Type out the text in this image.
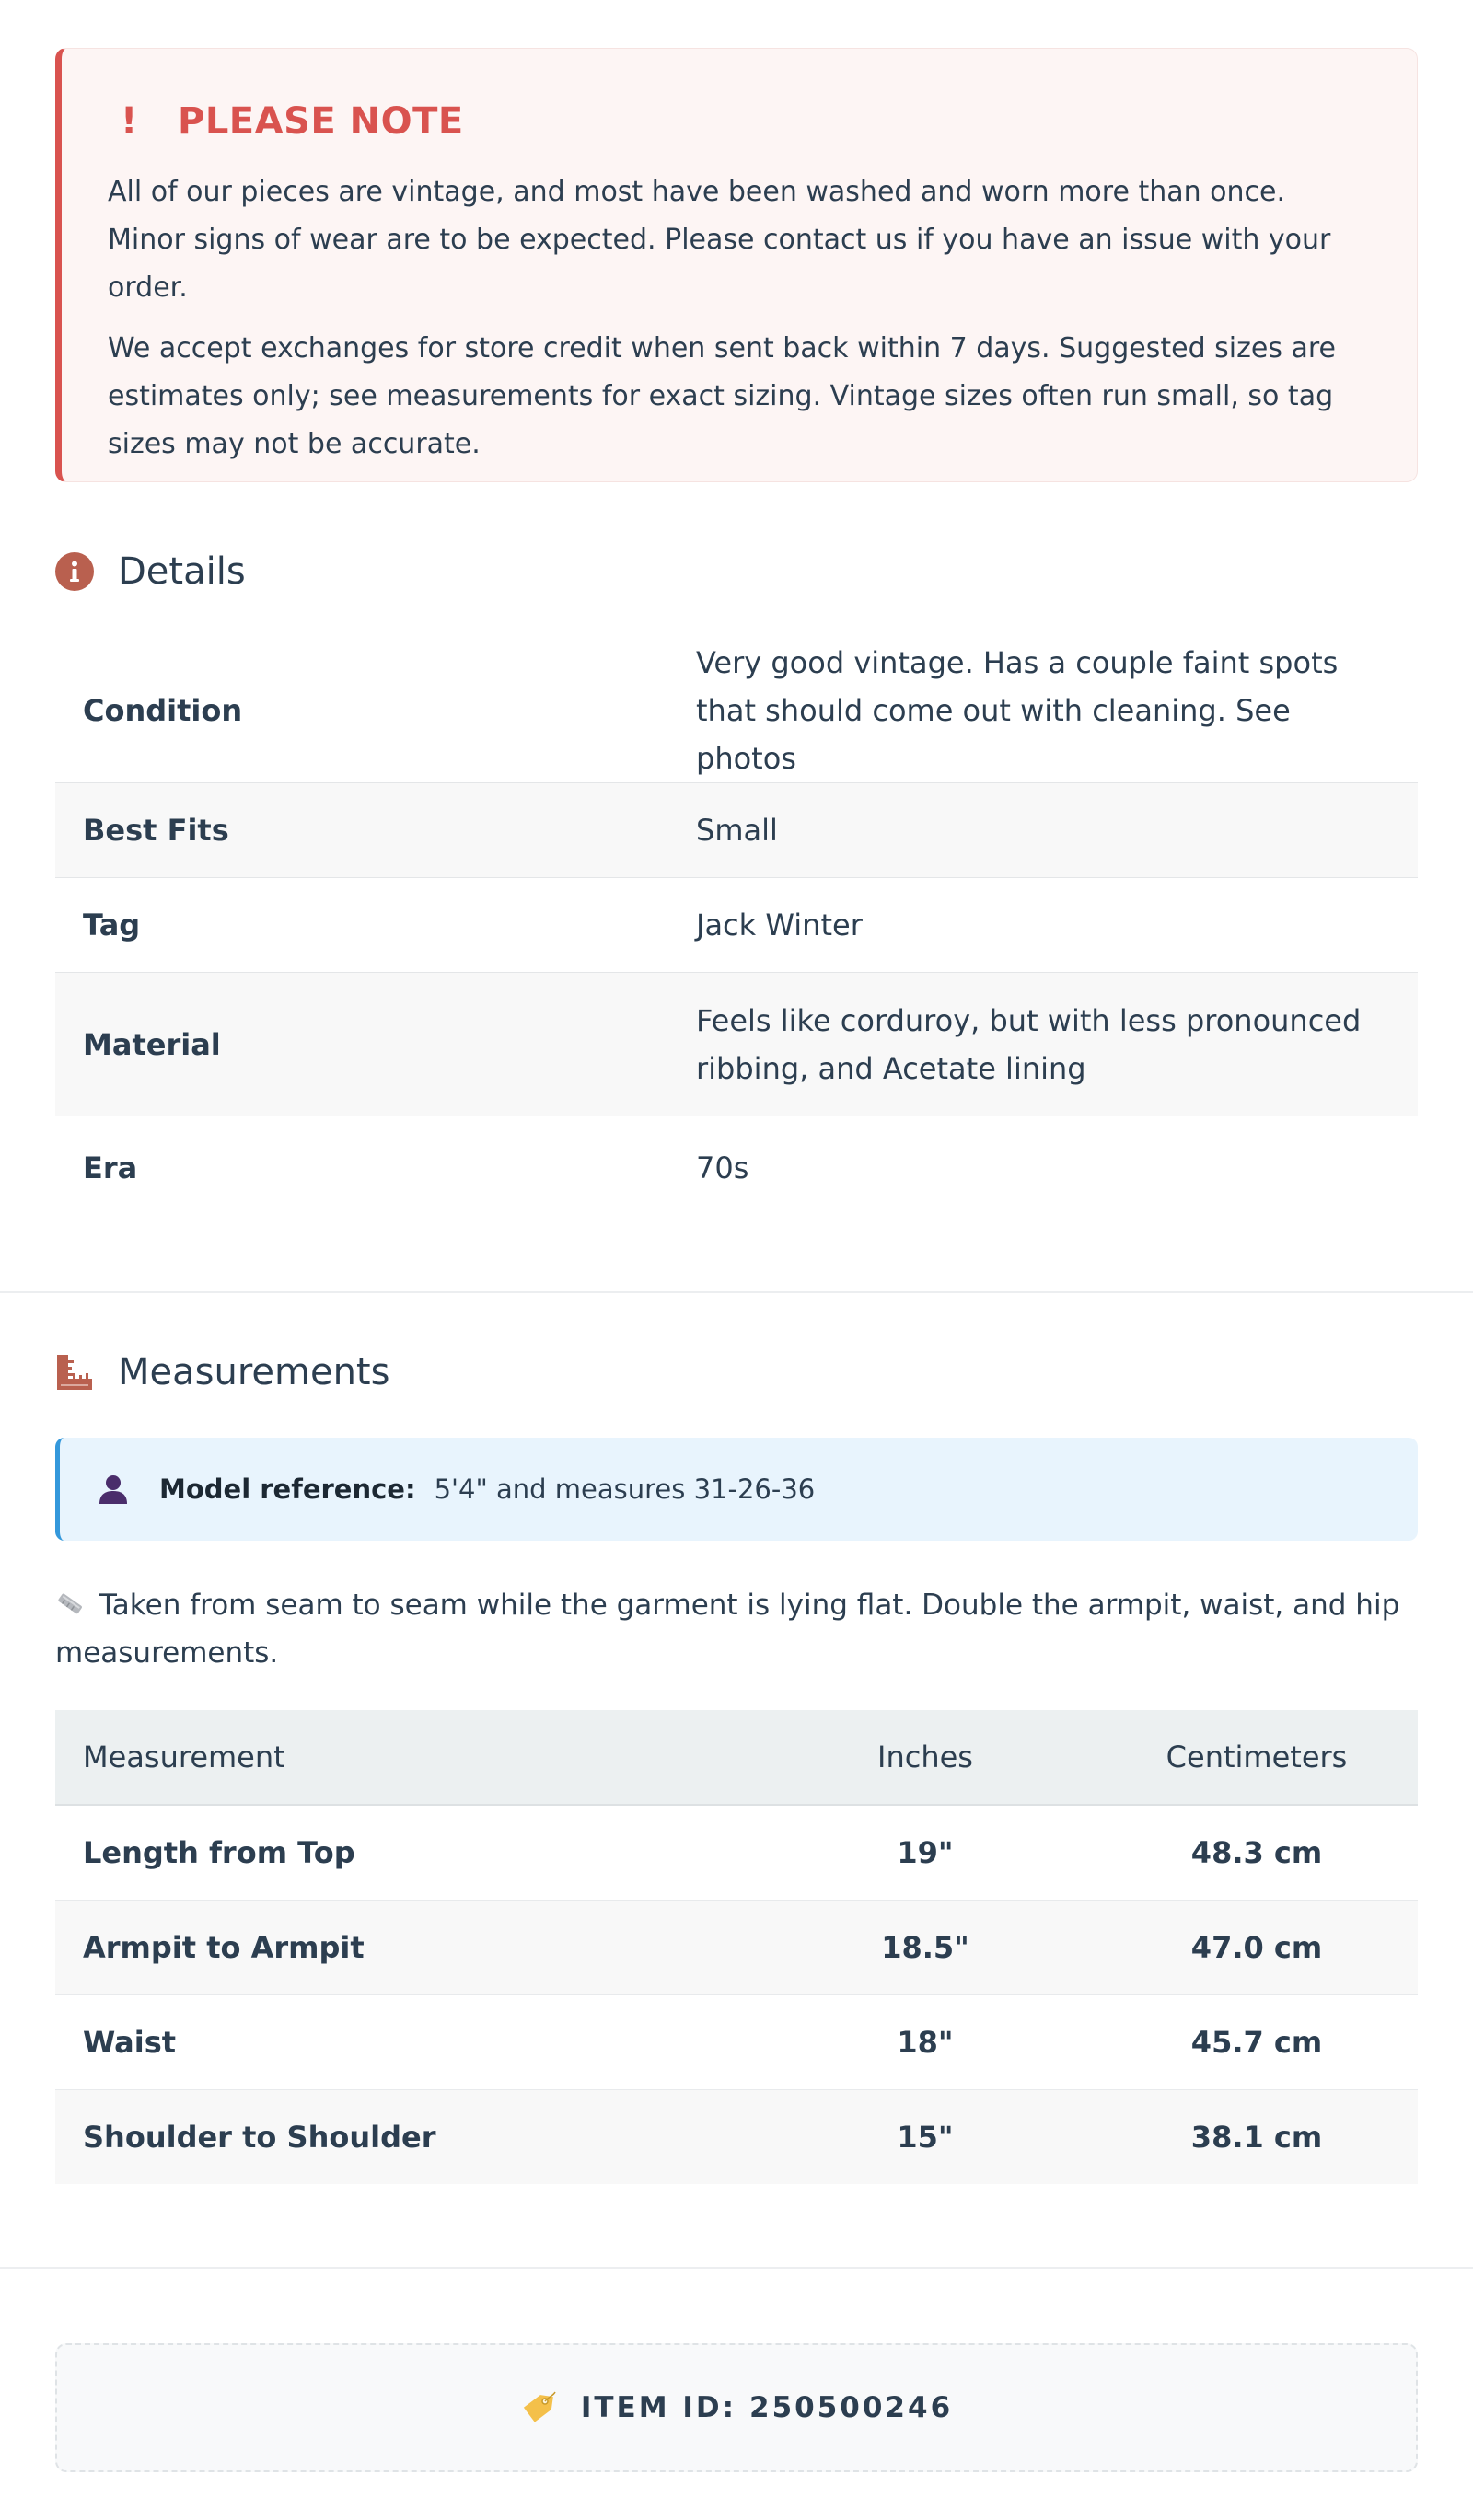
!	PLEASE NOTE

All of our pieces are vintage, and most have been washed and worn more than once. Minor signs of wear are to be expected. Please contact us if you have an issue with your order.

We accept exchanges for store credit when sent back within 7 days. Suggested sizes are estimates only; see measurements for exact sizing. Vintage sizes often run small, so tag sizes may not be accurate.

Details
Condition	Very good vintage. Has a couple faint spots that should come out with cleaning. See photos
Best Fits	Small
Tag	Jack Winter
Material	Feels like corduroy, but with less pronounced ribbing, and Acetate lining
Era	70s
Measurements
Model reference: 5'4" and measures 31-26-36
Taken from seam to seam while the garment is lying flat. Double the armpit, waist, and hip measurements.
Measurement	Inches	Centimeters
Length from Top	19"	48.3 cm
Armpit to Armpit	18.5"	47.0 cm
Waist	18"	45.7 cm
Shoulder to Shoulder	15"	38.1 cm
ITEM ID: 250500246
